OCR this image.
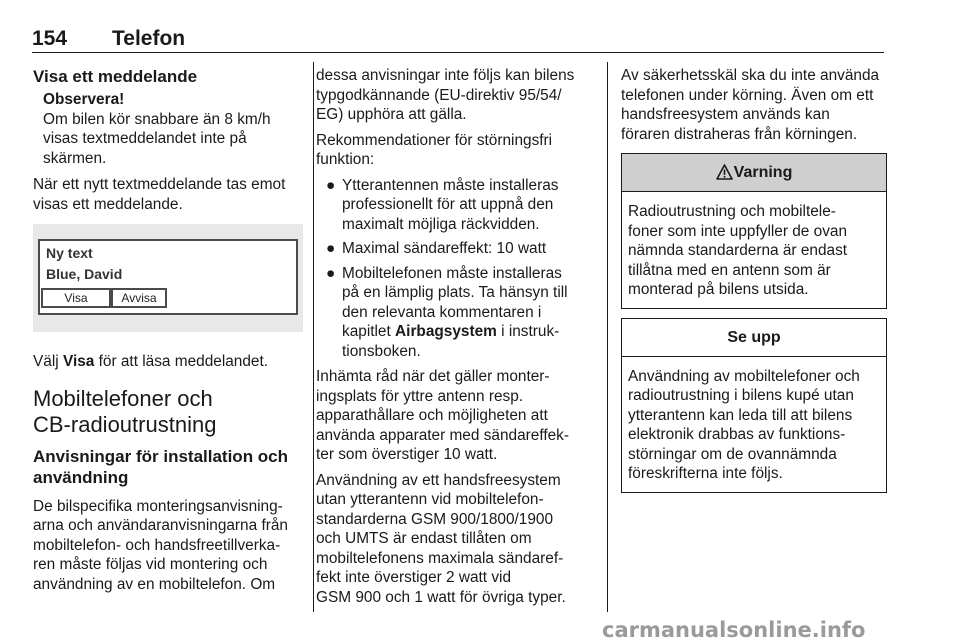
154 Telefon
Visa ett meddelande
Observera!
Om bilen kör snabbare än 8 km/h
visas textmeddelandet inte på
skärmen.

När ett nytt textmeddelande tas emot
visas ett meddelande.

Ny text
Blue, David
Visa	Avvisa

Välj Visa för att läsa meddelandet.

Mobiltelefoner och
CB-radioutrustning
Anvisningar för installation och
användning

De bilspecifika monteringsanvisning-
arna och användaranvisningarna från
mobiltelefon- och handsfreetillverka-
ren måste följas vid montering och
användning av en mobiltelefon. Om

dessa anvisningar inte följs kan bilens
typgodkännande (EU-direktiv 95/54/
EG) upphöra att gälla.

Rekommendationer för störningsfri
funktion:

● Ytterantennen måste installeras
professionellt för att uppnå den
maximalt möjliga räckvidden.
● Maximal sändareffekt: 10 watt
● Mobiltelefonen måste installeras
på en lämplig plats. Ta hänsyn till
den relevanta kommentaren i
kapitlet Airbagsystem i instruk-
tionsboken.

Inhämta råd när det gäller monter-
ingsplats för yttre antenn resp.
apparathållare och möjligheten att
använda apparater med sändareffek-
ter som överstiger 10 watt.

Användning av ett handsfreesystem
utan ytterantenn vid mobiltelefon-
standarderna GSM 900/1800/1900
och UMTS är endast tillåten om
mobiltelefonens maximala sändaref-
fekt inte överstiger 2 watt vid
GSM 900 och 1 watt för övriga typer.

Av säkerhetsskäl ska du inte använda
telefonen under körning. Även om ett
handsfreesystem används kan
föraren distraheras från körningen.

Varning
Radioutrustning och mobiltele-
foner som inte uppfyller de ovan
nämnda standarderna är endast
tillåtna med en antenn som är
monterad på bilens utsida.
Se upp
Användning av mobiltelefoner och
radioutrustning i bilens kupé utan
ytterantenn kan leda till att bilens
elektronik drabbas av funktions-
störningar om de ovannämnda
föreskrifterna inte följs.
carmanualsonline.info
